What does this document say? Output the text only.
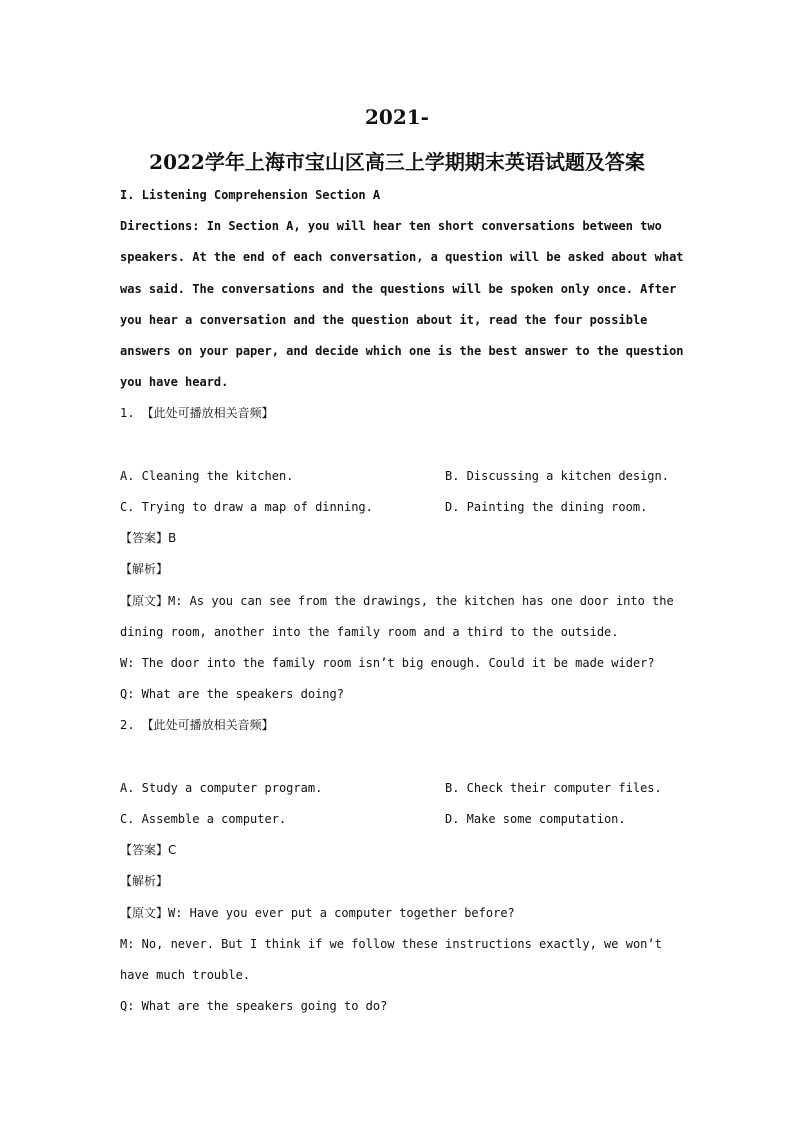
2021-
2022学年上海市宝山区高三上学期期末英语试题及答案
I. Listening Comprehension Section A
Directions: In Section A, you will hear ten short conversations between two
speakers. At the end of each conversation, a question will be asked about what
was said. The conversations and the questions will be spoken only once. After
you hear a conversation and the question about it, read the four possible
answers on your paper, and decide which one is the best answer to the question
you have heard.
1. 【此处可播放相关音频】
A. Cleaning the kitchen.	B. Discussing a kitchen design.
C. Trying to draw a map of dinning.	D. Painting the dining room.
【答案】B
【解析】
【原文】M: As you can see from the drawings, the kitchen has one door into the
dining room, another into the family room and a third to the outside.
W: The door into the family room isn’t big enough. Could it be made wider?
Q: What are the speakers doing?
2. 【此处可播放相关音频】
A. Study a computer program.	B. Check their computer files.
C. Assemble a computer.	D. Make some computation.
【答案】C
【解析】
【原文】W: Have you ever put a computer together before?
M: No, never. But I think if we follow these instructions exactly, we won’t
have much trouble.
Q: What are the speakers going to do?
